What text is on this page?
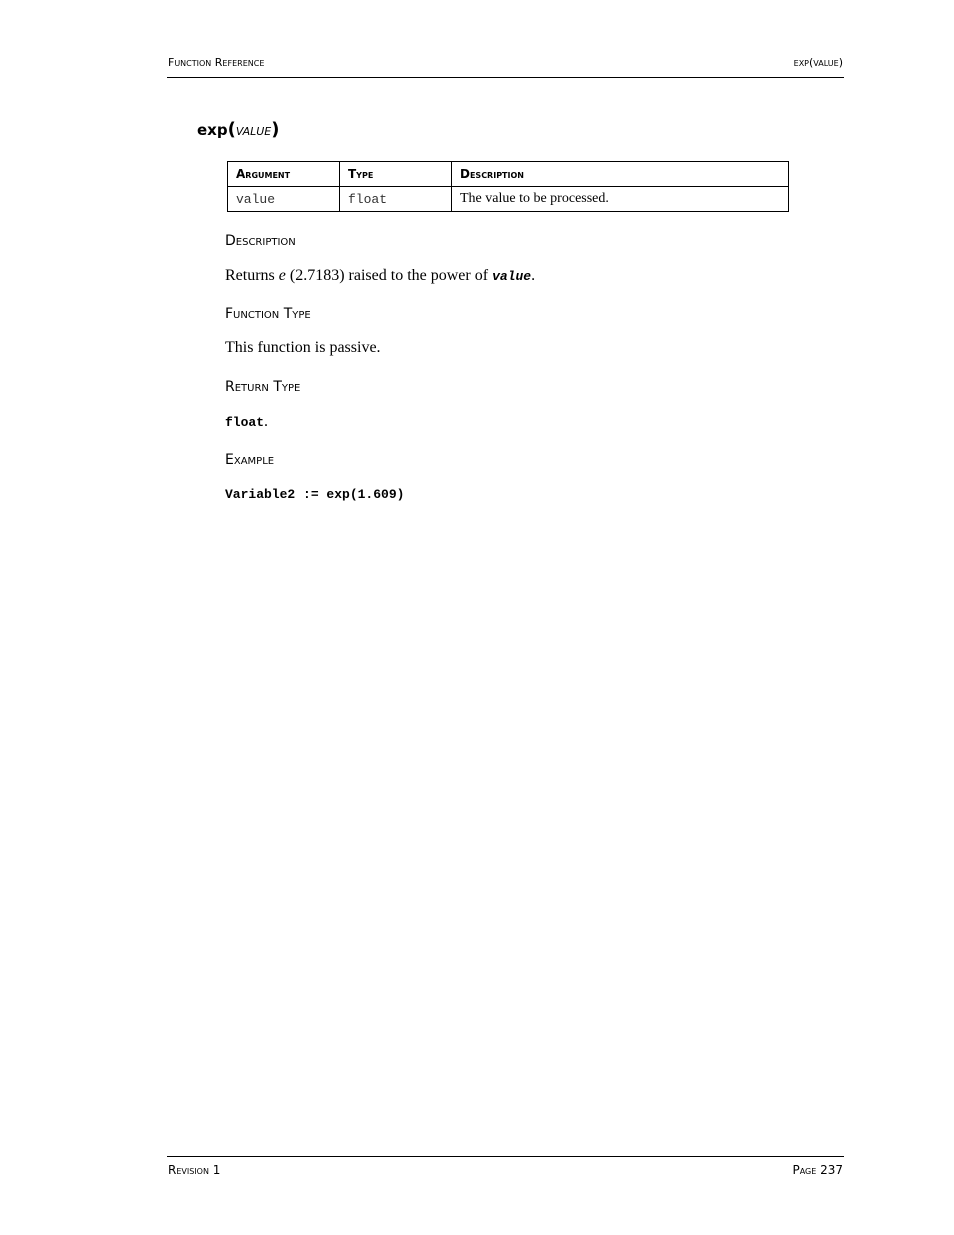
Function Reference	exp(value)
exp(value)
Argument	Type	Description
value	float	The value to be processed.
Description
Returns e (2.7183) raised to the power of value.
Function Type
This function is passive.
Return Type
float.
Example
Variable2 := exp(1.609)
Revision 1	Page 237
